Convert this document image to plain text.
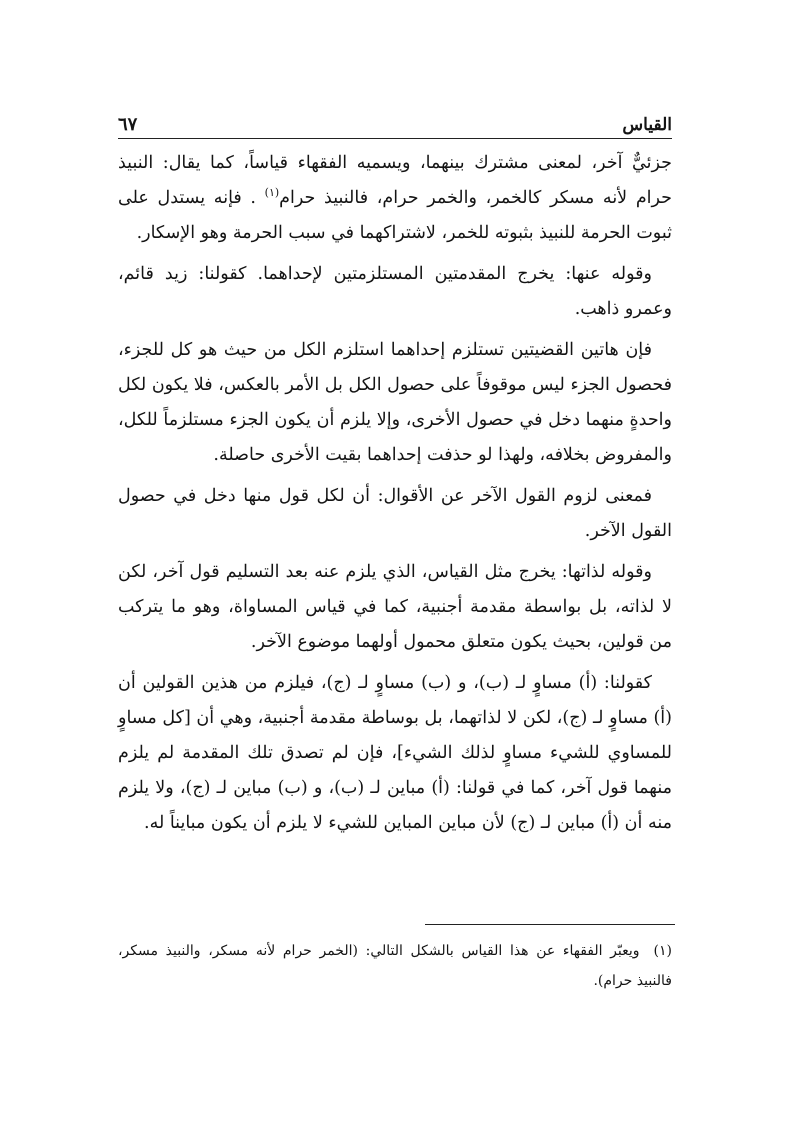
القياس
٦٧

جزئيٌّ آخر، لمعنى مشترك بينهما، ويسميه الفقهاء قياساً، كما يقال: النبيذ حرام لأنه مسكر كالخمر، والخمر حرام، فالنبيذ حرام$^{(١)}$ . فإنه يستدل على ثبوت الحرمة للنبيذ بثبوته للخمر، لاشتراكهما في سبب الحرمة وهو الإسكار.

وقوله عنها: يخرج المقدمتين المستلزمتين لإحداهما. كقولنا: زيد قائم، وعمرو ذاهب.

فإن هاتين القضيتين تستلزم إحداهما استلزم الكل من حيث هو كل للجزء، فحصول الجزء ليس موقوفاً على حصول الكل بل الأمر بالعكس، فلا يكون لكل واحدةٍ منهما دخل في حصول الأخرى، وإلا يلزم أن يكون الجزء مستلزماً للكل، والمفروض بخلافه، ولهذا لو حذفت إحداهما بقيت الأخرى حاصلة.

فمعنى لزوم القول الآخر عن الأقوال: أن لكل قول منها دخل في حصول القول الآخر.

وقوله لذاتها: يخرج مثل القياس، الذي يلزم عنه بعد التسليم قول آخر، لكن لا لذاته، بل بواسطة مقدمة أجنبية، كما في قياس المساواة، وهو ما يتركب من قولين، بحيث يكون متعلق محمول أولهما موضوع الآخر.

كقولنا: (أ) مساوٍ لـ (ب)، و (ب) مساوٍ لـ (ج)، فيلزم من هذين القولين أن (أ) مساوٍ لـ (ج)، لكن لا لذاتهما، بل بوساطة مقدمة أجنبية، وهي أن [كل مساوٍ للمساوي للشيء مساوٍ لذلك الشيء]، فإن لم تصدق تلك المقدمة لم يلزم منهما قول آخر، كما في قولنا: (أ) مباين لـ (ب)، و (ب) مباين لـ (ج)، ولا يلزم منه أن (أ) مباين لـ (ج) لأن مباين المباين للشيء لا يلزم أن يكون مبايناً له.

(١)ويعبّر الفقهاء عن هذا القياس بالشكل التالي: (الخمر حرام لأنه مسكر، والنبيذ مسكر، فالنبيذ حرام).
